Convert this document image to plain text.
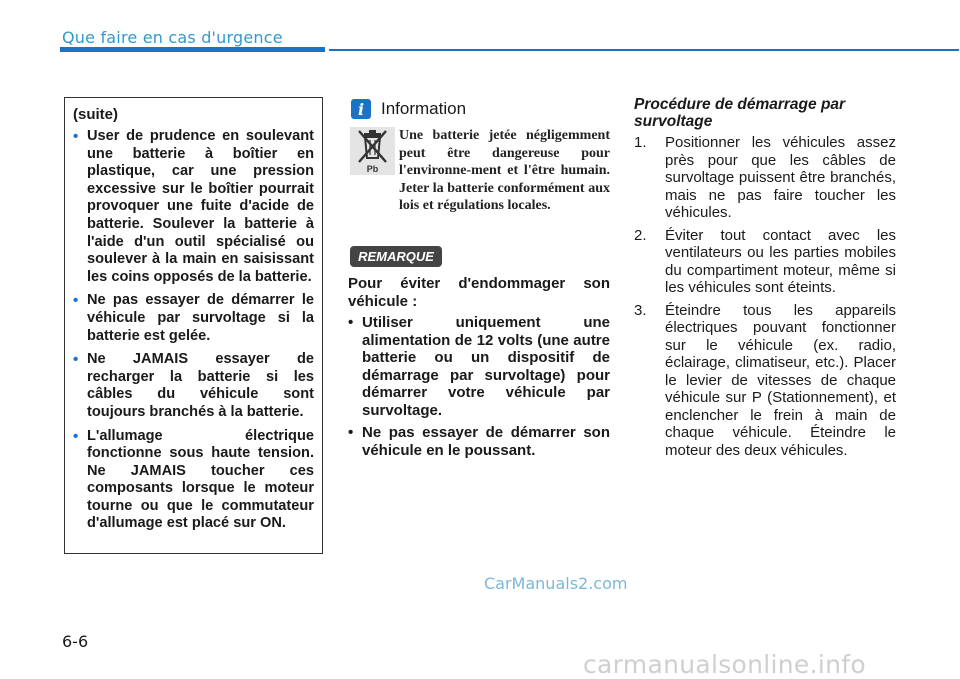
Que faire en cas d'urgence

(suite)

• User de prudence en soulevant une batterie à boîtier en plastique, car une pression excessive sur le boîtier pourrait provoquer une fuite d'acide de batterie. Soulever la batterie à l'aide d'un outil spécialisé ou soulever à la main en saisissant les coins opposés de la batterie.
• Ne pas essayer de démarrer le véhicule par survoltage si la batterie est gelée.
• Ne JAMAIS essayer de recharger la batterie si les câbles du véhicule sont toujours branchés à la batterie.
• L'allumage électrique fonctionne sous haute tension. Ne JAMAIS toucher ces composants lorsque le moteur tourne ou que le commutateur d'allumage est placé sur ON.
i Information
Pb
Une batterie jetée négligemment peut être dangereuse pour l'environne-ment et l'être humain. Jeter la batterie conformément aux lois et régulations locales.
REMARQUE
Pour éviter d'endommager son véhicule :
• Utiliser uniquement une alimentation de 12 volts (une autre batterie ou un dispositif de démarrage par survoltage) pour démarrer votre véhicule par survoltage.
• Ne pas essayer de démarrer son véhicule en le poussant.
Procédure de démarrage par survoltage
1. Positionner les véhicules assez près pour que les câbles de survoltage puissent être branchés, mais ne pas faire toucher les véhicules.
2. Éviter tout contact avec les ventilateurs ou les parties mobiles du compartiment moteur, même si les véhicules sont éteints.
3. Éteindre tous les appareils électriques pouvant fonctionner sur le véhicule (ex. radio, éclairage, climatiseur, etc.). Placer le levier de vitesses de chaque véhicule sur P (Stationnement), et enclencher le frein à main de chaque véhicule. Éteindre le moteur des deux véhicules.
CarManuals2.com
6-6
carmanualsonline.info
